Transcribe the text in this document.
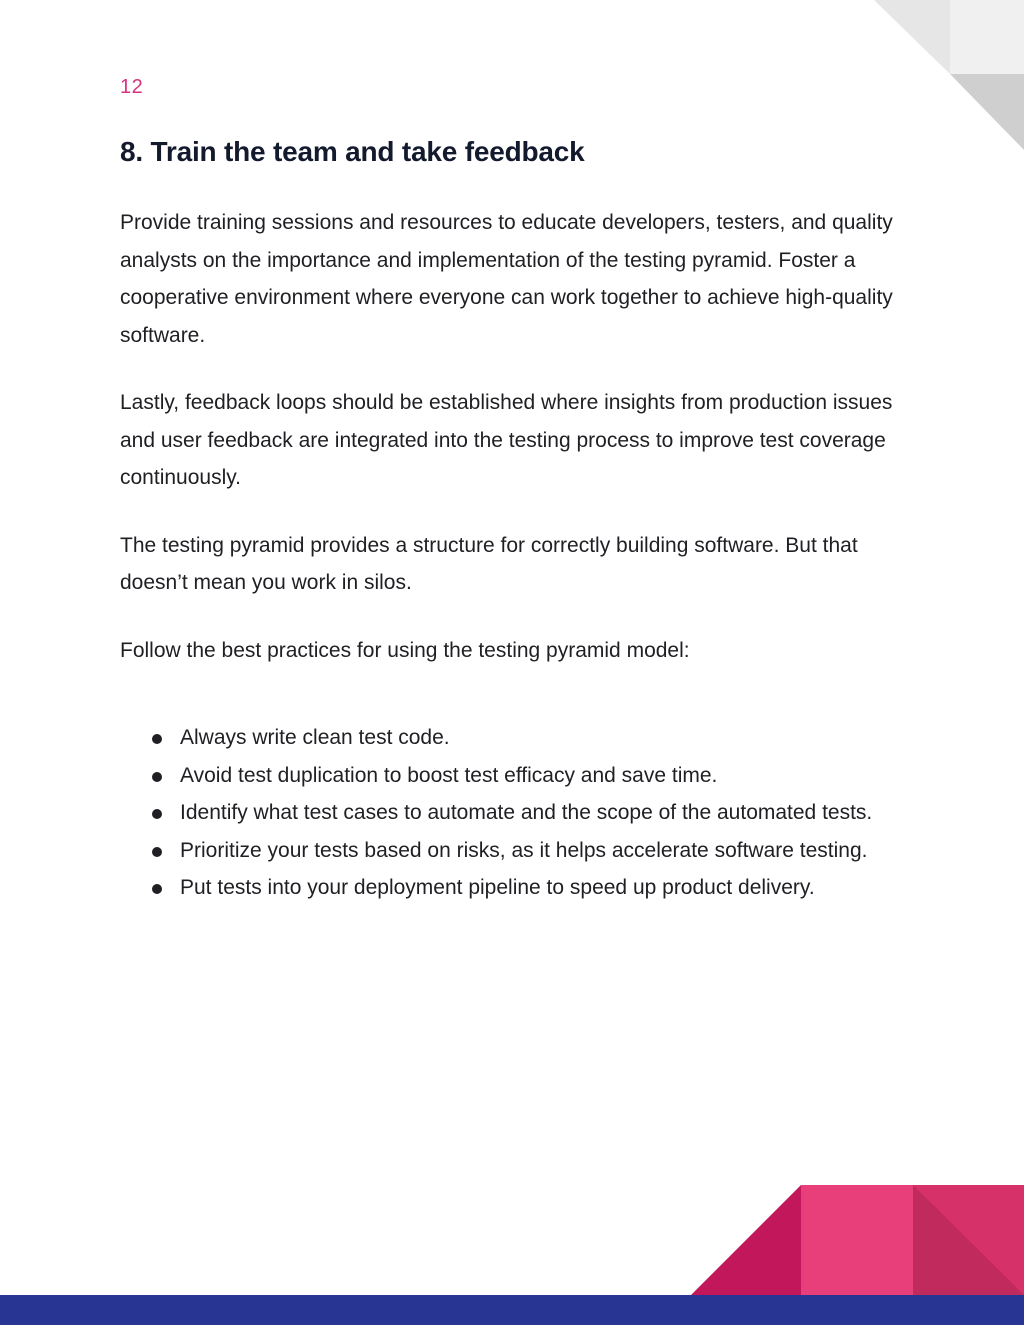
12
8. Train the team and take feedback

Provide training sessions and resources to educate developers, testers, and quality analysts on the importance and implementation of the testing pyramid. Foster a cooperative environment where everyone can work together to achieve high-quality software.

Lastly, feedback loops should be established where insights from production issues and user feedback are integrated into the testing process to improve test coverage continuously.

The testing pyramid provides a structure for correctly building software. But that doesn’t mean you work in silos.

Follow the best practices for using the testing pyramid model:

Always write clean test code.
Avoid test duplication to boost test efficacy and save time.
Identify what test cases to automate and the scope of the automated tests.
Prioritize your tests based on risks, as it helps accelerate software testing.
Put tests into your deployment pipeline to speed up product delivery.
